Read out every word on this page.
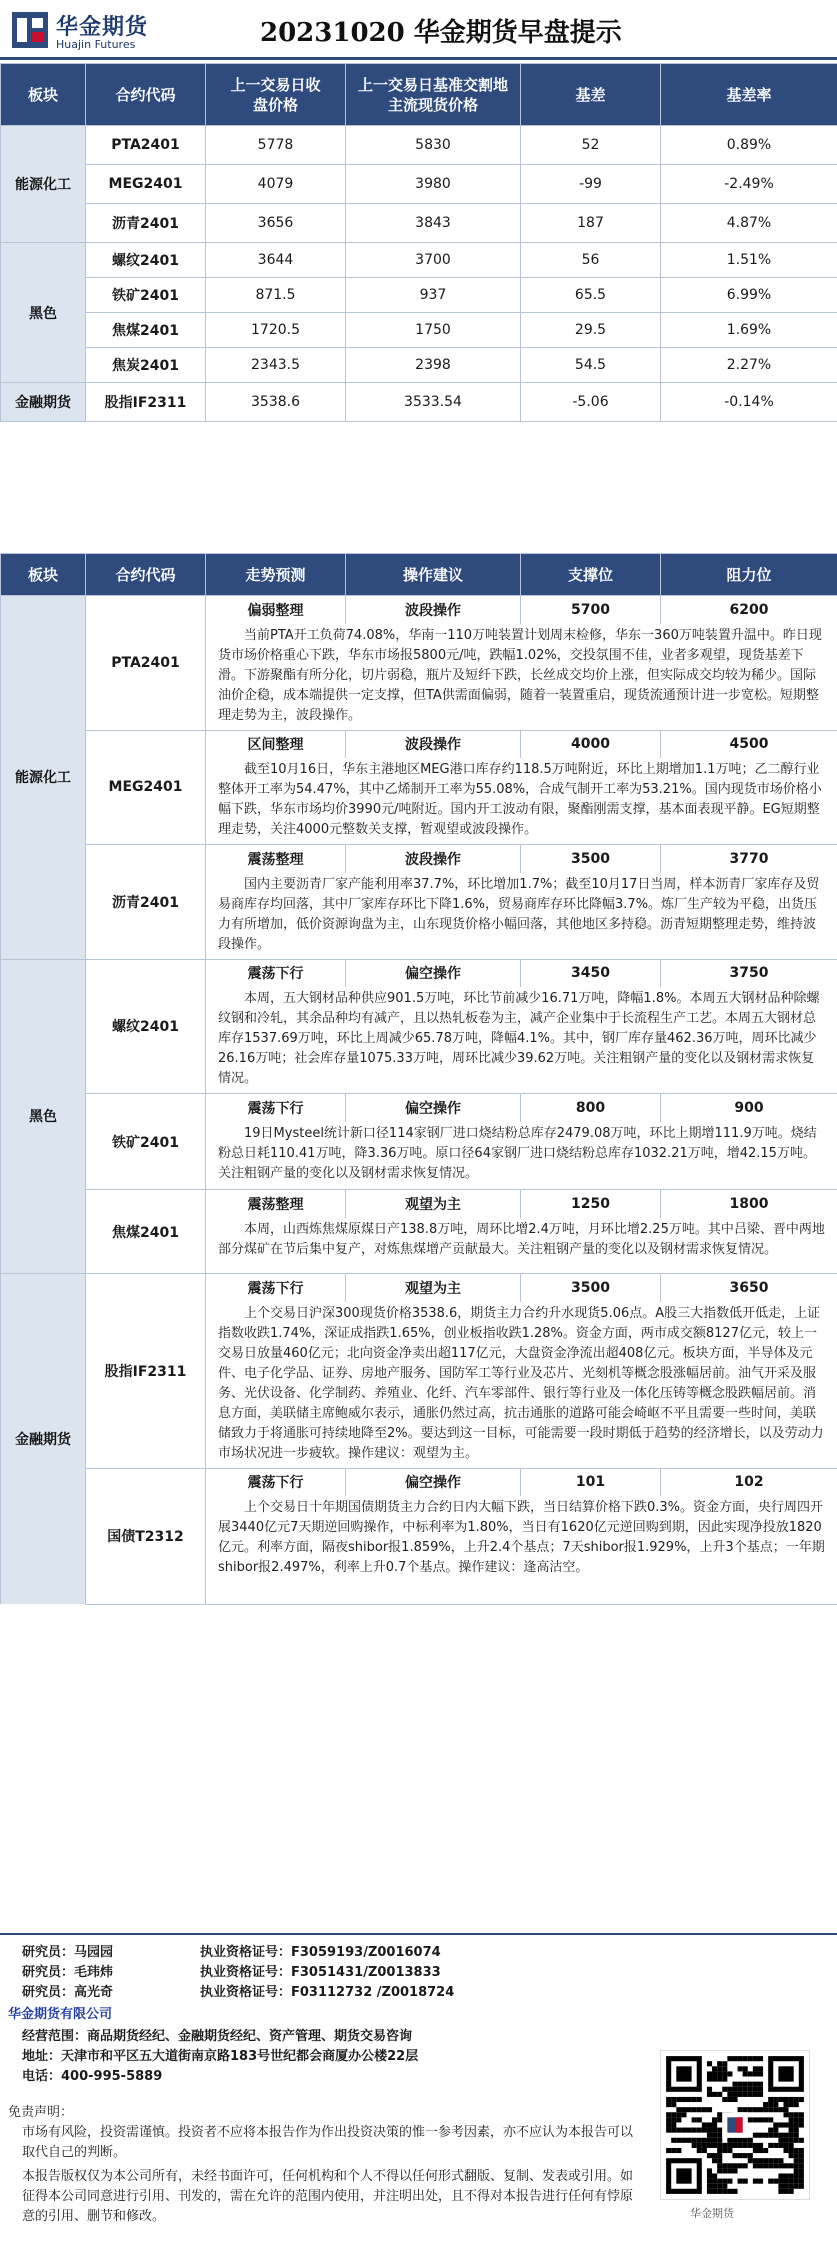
华金期货
Huajin Futures	20231020 华金期货早盘提示
板块	合约代码	上一交易日收盘价格	上一交易日基准交割地主流现货价格	基差	基差率
能源化工	PTA2401	5778	5830	52	0.89%
	MEG2401	4079	3980	-99	-2.49%
	沥青2401	3656	3843	187	4.87%
黑色	螺纹2401	3644	3700	56	1.51%
	铁矿2401	871.5	937	65.5	6.99%
	焦煤2401	1720.5	1750	29.5	1.69%
	焦炭2401	2343.5	2398	54.5	2.27%
金融期货	股指IF2311	3538.6	3533.54	-5.06	-0.14%
板块	合约代码	走势预测	操作建议	支撑位	阻力位
能源化工	PTA2401	偏弱整理	波段操作	5700	6200
		当前PTA开工负荷74.08%，华南一110万吨装置计划周末检修，华东一360万吨装置升温中。昨日现货市场价格重心下跌，华东市场报5800元/吨，跌幅1.02%，交投氛围不佳，业者多观望，现货基差下滑。下游聚酯有所分化，切片弱稳，瓶片及短纤下跌，长丝成交均价上涨，但实际成交均较为稀少。国际油价企稳，成本端提供一定支撑，但TA供需面偏弱，随着一装置重启，现货流通预计进一步宽松。短期整理走势为主，波段操作。			
	MEG2401	区间整理	波段操作	4000	4500
		截至10月16日，华东主港地区MEG港口库存约118.5万吨附近，环比上期增加1.1万吨；乙二醇行业整体开工率为54.47%，其中乙烯制开工率为55.08%，合成气制开工率为53.21%。国内现货市场价格小幅下跌，华东市场均价3990元/吨附近。国内开工波动有限，聚酯刚需支撑，基本面表现平静。EG短期整理走势，关注4000元整数关支撑，暂观望或波段操作。			
	沥青2401	震荡整理	波段操作	3500	3770
		国内主要沥青厂家产能利用率37.7%，环比增加1.7%；截至10月17日当周，样本沥青厂家库存及贸易商库存均回落，其中厂家库存环比下降1.6%，贸易商库存环比降幅3.7%。炼厂生产较为平稳，出货压力有所增加，低价资源询盘为主，山东现货价格小幅回落，其他地区多持稳。沥青短期整理走势，维持波段操作。			
黑色	螺纹2401	震荡下行	偏空操作	3450	3750
		本周，五大钢材品种供应901.5万吨，环比节前减少16.71万吨，降幅1.8%。本周五大钢材品种除螺纹钢和冷轧，其余品种均有减产，且以热轧板卷为主，减产企业集中于长流程生产工艺。本周五大钢材总库存1537.69万吨，环比上周减少65.78万吨，降幅4.1%。其中，钢厂库存量462.36万吨，周环比减少26.16万吨；社会库存量1075.33万吨，周环比减少39.62万吨。关注粗钢产量的变化以及钢材需求恢复情况。			
	铁矿2401	震荡下行	偏空操作	800	900
		19日Mysteel统计新口径114家钢厂进口烧结粉总库存2479.08万吨，环比上期增111.9万吨。烧结粉总日耗110.41万吨，降3.36万吨。原口径64家钢厂进口烧结粉总库存1032.21万吨，增42.15万吨。关注粗钢产量的变化以及钢材需求恢复情况。			
	焦煤2401	震荡整理	观望为主	1250	1800
		本周，山西炼焦煤原煤日产138.8万吨，周环比增2.4万吨，月环比增2.25万吨。其中吕梁、晋中两地部分煤矿在节后集中复产，对炼焦煤增产贡献最大。关注粗钢产量的变化以及钢材需求恢复情况。			
金融期货	股指IF2311	震荡下行	观望为主	3500	3650
		上个交易日沪深300现货价格3538.6，期货主力合约升水现货5.06点。A股三大指数低开低走，上证指数收跌1.74%，深证成指跌1.65%，创业板指收跌1.28%。资金方面，两市成交额8127亿元，较上一交易日放量460亿元；北向资金净卖出超117亿元，大盘资金净流出超408亿元。板块方面，半导体及元件、电子化学品、证券、房地产服务、国防军工等行业及芯片、光刻机等概念股涨幅居前。油气开采及服务、光伏设备、化学制药、养殖业、化纤、汽车零部件、银行等行业及一体化压铸等概念股跌幅居前。消息方面，美联储主席鲍威尔表示，通胀仍然过高，抗击通胀的道路可能会崎岖不平且需要一些时间，美联储致力于将通胀可持续地降至2%。要达到这一目标，可能需要一段时期低于趋势的经济增长，以及劳动力市场状况进一步疲软。操作建议：观望为主。			
	国债T2312	震荡下行	偏空操作	101	102
		上个交易日十年期国债期货主力合约日内大幅下跌，当日结算价格下跌0.3%。资金方面，央行周四开展3440亿元7天期逆回购操作，中标利率为1.80%，当日有1620亿元逆回购到期，因此实现净投放1820亿元。利率方面，隔夜shibor报1.859%，上升2.4个基点；7天shibor报1.929%，上升3个基点；一年期shibor报2.497%，利率上升0.7个基点。操作建议：逢高沽空。			
研究员：马园园	执业资格证号：F3059193/Z0016074
研究员：毛玮炜	执业资格证号：F3051431/Z0013833
研究员：高光奇	执业资格证号：F03112732 /Z0018724
华金期货有限公司
经营范围：商品期货经纪、金融期货经纪、资产管理、期货交易咨询
地址：天津市和平区五大道街南京路183号世纪都会商厦办公楼22层
电话：400-995-5889
免责声明：
市场有风险，投资需谨慎。投资者不应将本报告作为作出投资决策的惟一参考因素，亦不应认为本报告可以取代自己的判断。
本报告版权仅为本公司所有，未经书面许可，任何机构和个人不得以任何形式翻版、复制、发表或引用。如征得本公司同意进行引用、刊发的，需在允许的范围内使用，并注明出处，且不得对本报告进行任何有悖原意的引用、删节和修改。	华金期货
